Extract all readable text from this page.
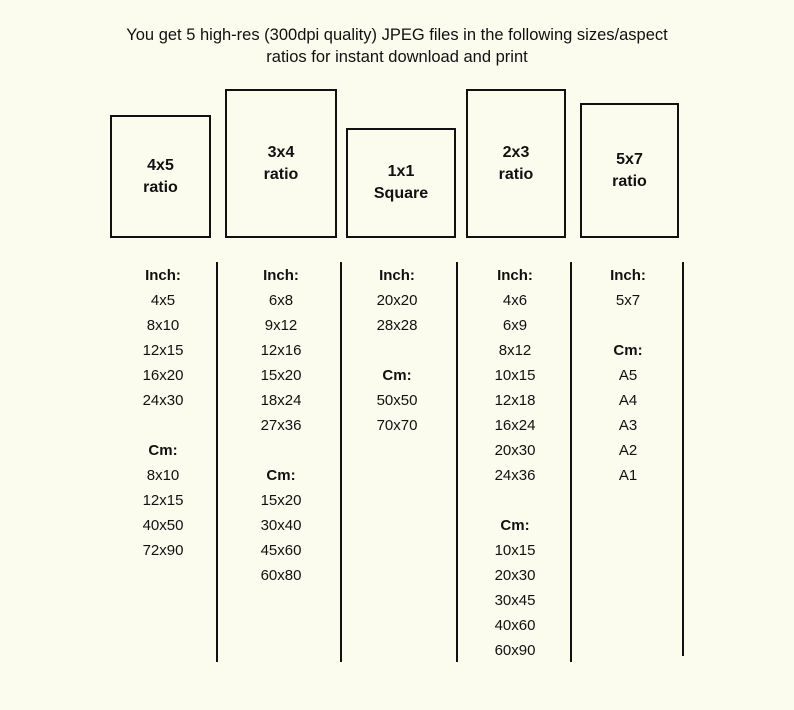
You get 5 high-res (300dpi quality) JPEG files in the following sizes/aspect
ratios for instant download and print
4x5
ratio
3x4
ratio	1x1
Square
2x3
ratio
5x7
ratio
Inch:
4x5
8x10
12x15
16x20
24x30
Cm:
8x10
12x15
40x50
72x90
Inch:
6x8
9x12
12x16
15x20
18x24
27x36
Cm:
15x20
30x40
45x60
60x80
Inch:
20x20
28x28
Cm:
50x50
70x70
Inch:
4x6
6x9
8x12
10x15
12x18
16x24
20x30
24x36
Cm:
10x15
20x30
30x45
40x60
60x90
Inch:
5x7
Cm:
A5
A4
A3
A2
A1
